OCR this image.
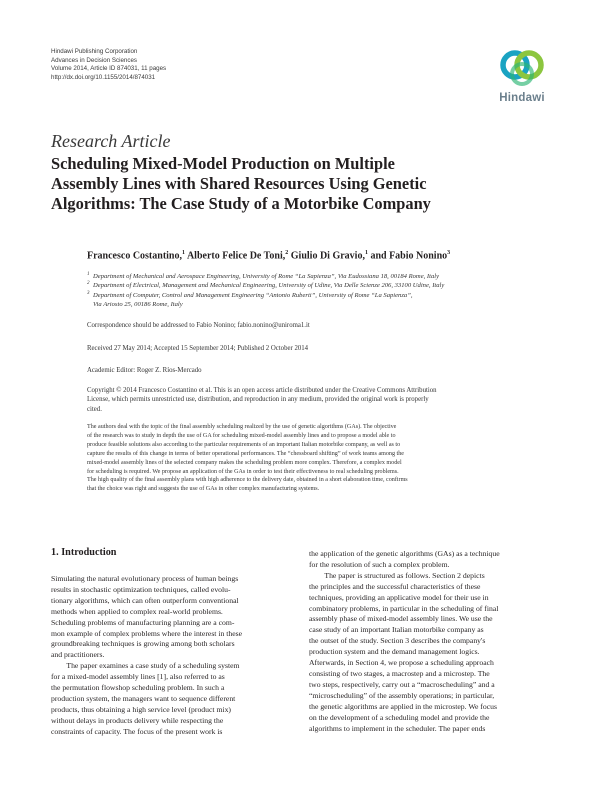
Hindawi Publishing Corporation
Advances in Decision Sciences
Volume 2014, Article ID 874031, 11 pages
http://dx.doi.org/10.1155/2014/874031
Hindawi
Research Article
Scheduling Mixed-Model Production on Multiple
Assembly Lines with Shared Resources Using Genetic
Algorithms: The Case Study of a Motorbike Company
Francesco Costantino,$^1$ Alberto Felice De Toni,$^2$ Giulio Di Gravio,$^1$ and Fabio Nonino$^3$
1 Department of Mechanical and Aerospace Engineering, University of Rome “La Sapienza”, Via Eudossiana 18, 00184 Rome, Italy
2 Department of Electrical, Management and Mechanical Engineering, University of Udine, Via Delle Scienze 206, 33100 Udine, Italy
3 Department of Computer, Control and Management Engineering “Antonio Ruberti”, University of Rome “La Sapienza”,
Via Ariosto 25, 00186 Rome, Italy
Correspondence should be addressed to Fabio Nonino; fabio.nonino@uniroma1.it
Received 27 May 2014; Accepted 15 September 2014; Published 2 October 2014
Academic Editor: Roger Z. Ríos-Mercado
Copyright © 2014 Francesco Costantino et al. This is an open access article distributed under the Creative Commons Attribution
License, which permits unrestricted use, distribution, and reproduction in any medium, provided the original work is properly
cited.
The authors deal with the topic of the final assembly scheduling realized by the use of genetic algorithms (GAs). The objective
of the research was to study in depth the use of GA for scheduling mixed-model assembly lines and to propose a model able to
produce feasible solutions also according to the particular requirements of an important Italian motorbike company, as well as to
capture the results of this change in terms of better operational performances. The “chessboard shifting” of work teams among the
mixed-model assembly lines of the selected company makes the scheduling problem more complex. Therefore, a complex model
for scheduling is required. We propose an application of the GAs in order to test their effectiveness to real scheduling problems.
The high quality of the final assembly plans with high adherence to the delivery date, obtained in a short elaboration time, confirms
that the choice was right and suggests the use of GAs in other complex manufacturing systems.
1. Introduction
Simulating the natural evolutionary process of human beings
results in stochastic optimization techniques, called evolu-
tionary algorithms, which can often outperform conventional
methods when applied to complex real-world problems.
Scheduling problems of manufacturing planning are a com-
mon example of complex problems where the interest in these
groundbreaking techniques is growing among both scholars
and practitioners.
  The paper examines a case study of a scheduling system
for a mixed-model assembly lines [1], also referred to as
the permutation flowshop scheduling problem. In such a
production system, the managers want to sequence different
products, thus obtaining a high service level (product mix)
without delays in products delivery while respecting the
constraints of capacity. The focus of the present work is
the application of the genetic algorithms (GAs) as a technique
for the resolution of such a complex problem.
  The paper is structured as follows. Section 2 depicts
the principles and the successful characteristics of these
techniques, providing an applicative model for their use in
combinatory problems, in particular in the scheduling of final
assembly phase of mixed-model assembly lines. We use the
case study of an important Italian motorbike company as
the outset of the study. Section 3 describes the company's
production system and the demand management logics.
Afterwards, in Section 4, we propose a scheduling approach
consisting of two stages, a macrostep and a microstep. The
two steps, respectively, carry out a “macroscheduling” and a
“microscheduling” of the assembly operations; in particular,
the genetic algorithms are applied in the microstep. We focus
on the development of a scheduling model and provide the
algorithms to implement in the scheduler. The paper ends
